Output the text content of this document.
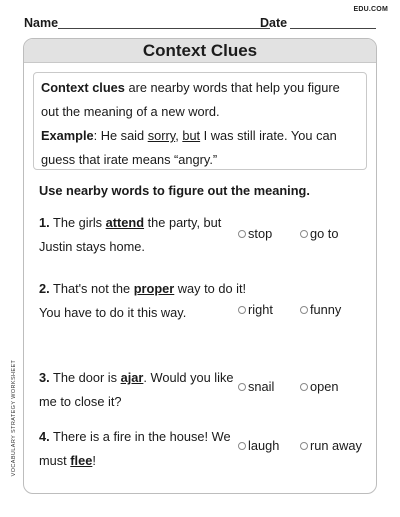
EDU.COM
Name	Date
VOCABULARY STRATEGY WORKSHEET
Context Clues
Context clues are nearby words that help you figure out the meaning of a new word.
Example: He said sorry, but I was still irate. You can guess that irate means “angry.”
Use nearby words to figure out the meaning.
1. The girls attend the party, but Justin stays home.
stop	go to
2. That's not the proper way to do it! You have to do it this way.	right	funny
3. The door is ajar. Would you like me to close it?
snail	open
4. There is a fire in the house! We must flee!
laugh run away
